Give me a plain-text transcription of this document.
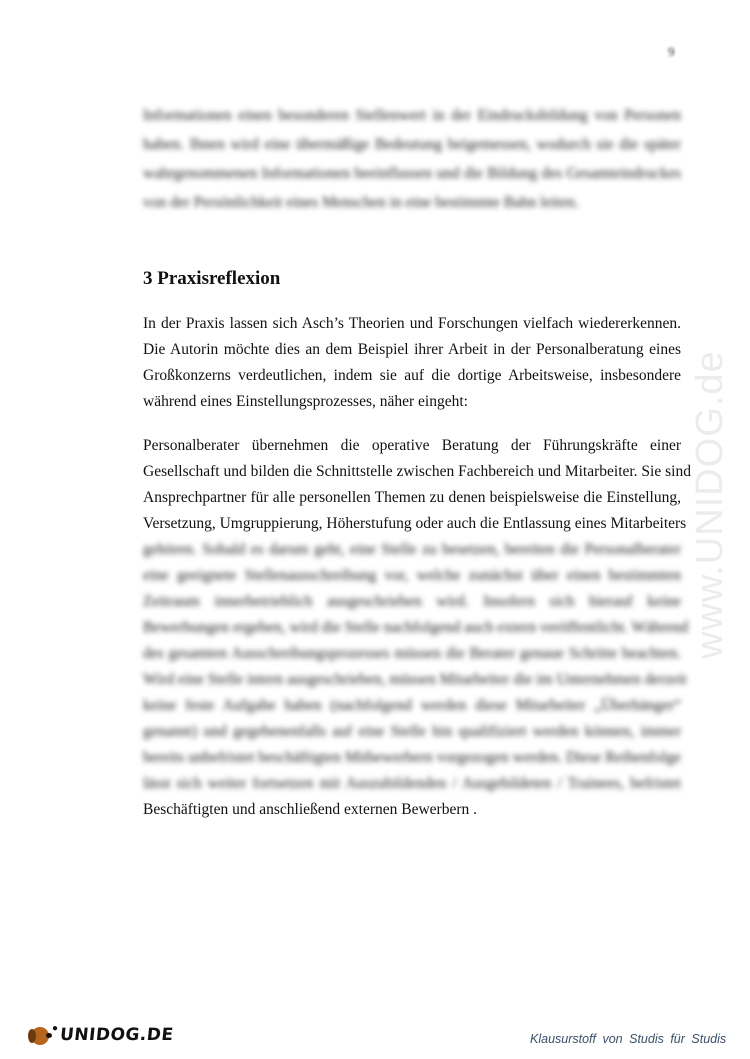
9
Informationen einen besonderen Stellenwert in der Eindrucksbildung von Personen
haben. Ihnen wird eine übermäßige Bedeutung beigemessen, wodurch sie die später
wahrgenommenen Informationen beeinflussen und die Bildung des Gesamteindruckes
von der Persönlichkeit eines Menschen in eine bestimmte Bahn leiten.
3 Praxisreflexion
In der Praxis lassen sich Asch’s Theorien und Forschungen vielfach wiedererkennen.
Die Autorin möchte dies an dem Beispiel ihrer Arbeit in der Personalberatung eines
Großkonzerns verdeutlichen, indem sie auf die dortige Arbeitsweise, insbesondere
während eines Einstellungsprozesses, näher eingeht:
Personalberater übernehmen die operative Beratung der Führungskräfte einer
Gesellschaft und bilden die Schnittstelle zwischen Fachbereich und Mitarbeiter. Sie sind
Ansprechpartner für alle personellen Themen zu denen beispielsweise die Einstellung,
Versetzung, Umgruppierung, Höherstufung oder auch die Entlassung eines Mitarbeiters
gehören. Sobald es darum geht, eine Stelle zu besetzen, bereiten die Personalberater
eine geeignete Stellenausschreibung vor, welche zunächst über einen bestimmten
Zeitraum innerbetrieblich ausgeschrieben wird. Insofern sich hierauf keine
Bewerbungen ergeben, wird die Stelle nachfolgend auch extern veröffentlicht. Während
des gesamten Ausschreibungsprozesses müssen die Berater genaue Schritte beachten.
Wird eine Stelle intern ausgeschrieben, müssen Mitarbeiter die im Unternehmen derzeit
keine feste Aufgabe haben (nachfolgend werden diese Mitarbeiter „Überhänger“
genannt) und gegebenenfalls auf eine Stelle hin qualifiziert werden können, immer
bereits unbefristet beschäftigten Mitbewerbern vorgezogen werden. Diese Reihenfolge
lässt sich weiter fortsetzen mit Auszubildenden / Ausgebildeten / Trainees, befristet
Beschäftigten und anschließend externen Bewerbern .
www.UNIDOG.de
● UNIDOG.DE	Klausurstoff von Studis für Studis
